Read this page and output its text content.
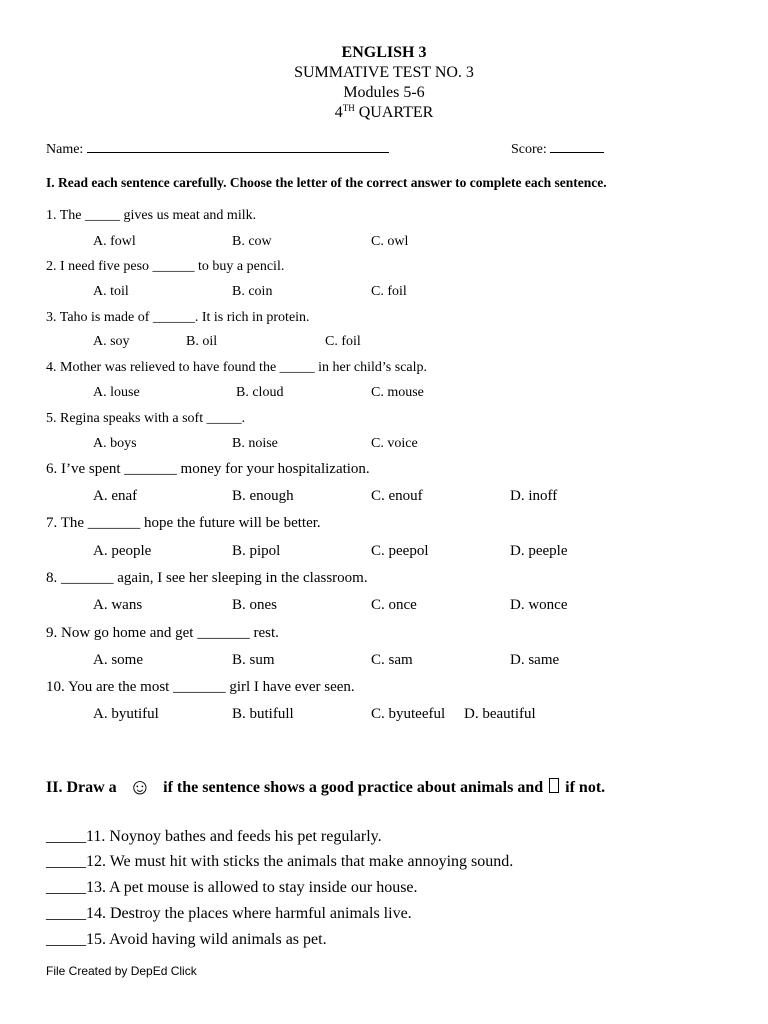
ENGLISH 3
SUMMATIVE TEST NO. 3
Modules 5-6
4TH QUARTER
Name:	Score:
I. Read each sentence carefully. Choose the letter of the correct answer to complete each sentence.
1. The _____ gives us meat and milk.
A. fowl	B. cow	C. owl
2. I need five peso ______ to buy a pencil.
A. toil	B. coin	C. foil
3. Taho is made of ______. It is rich in protein.
A. soy	B. oil	C. foil
4. Mother was relieved to have found the _____ in her child’s scalp.
A. louse	B. cloud	C. mouse
5. Regina speaks with a soft _____.
A. boys	B. noise	C. voice
6. I’ve spent _______ money for your hospitalization.
A. enaf	B. enough	C. enouf	D. inoff
7. The _______ hope the future will be better.
A. people	B. pipol	C. peepol	D. peeple
8. _______ again, I see her sleeping in the classroom.
A. wans	B. ones	C. once	D. wonce
9. Now go home and get _______ rest.
A. some	B. sum	C. sam	D. same
10. You are the most _______ girl I have ever seen.
A. byutiful	B. butifull	C. byuteeful D. beautiful
II. Draw a ☺ if the sentence shows a good practice about animals and if not.
_____11. Noynoy bathes and feeds his pet regularly.
_____12. We must hit with sticks the animals that make annoying sound.
_____13. A pet mouse is allowed to stay inside our house.
_____14. Destroy the places where harmful animals live.
_____15. Avoid having wild animals as pet.
File Created by DepEd Click
